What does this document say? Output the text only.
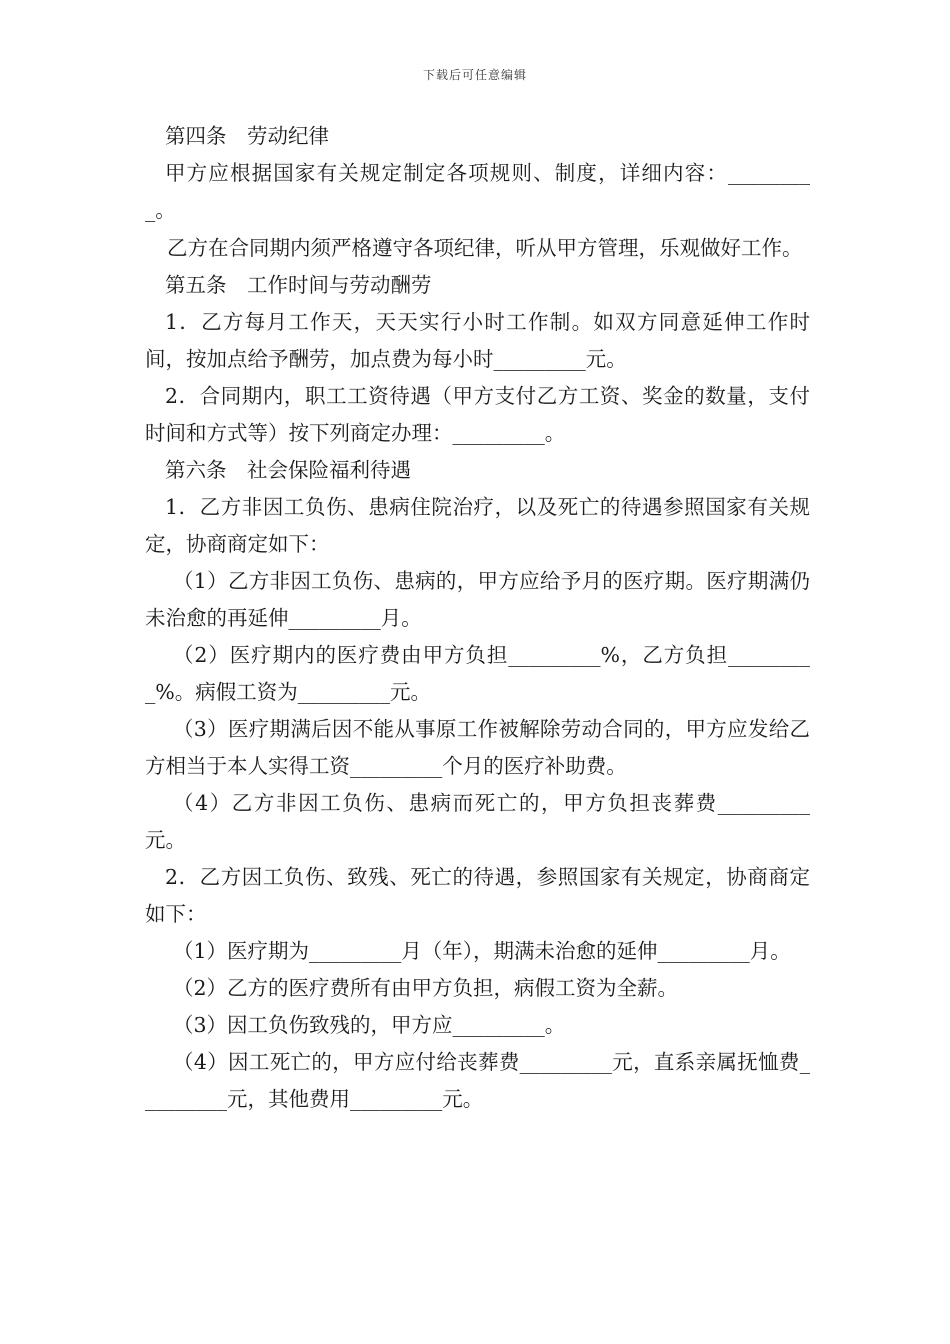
下载后可任意编辑

第四条　劳动纪律

甲方应根据国家有关规定制定各项规则、制度，详细内容：_________。

乙方在合同期内须严格遵守各项纪律，听从甲方管理，乐观做好工作。

第五条　工作时间与劳动酬劳

1．乙方每月工作天，天天实行小时工作制。如双方同意延伸工作时间，按加点给予酬劳，加点费为每小时_________元。

2．合同期内，职工工资待遇（甲方支付乙方工资、奖金的数量，支付时间和方式等）按下列商定办理：_________。

第六条　社会保险福利待遇

1．乙方非因工负伤、患病住院治疗，以及死亡的待遇参照国家有关规定，协商商定如下：

（1）乙方非因工负伤、患病的，甲方应给予月的医疗期。医疗期满仍未治愈的再延伸_________月。

（2）医疗期内的医疗费由甲方负担_________%，乙方负担_________%。病假工资为_________元。

（3）医疗期满后因不能从事原工作被解除劳动合同的，甲方应发给乙方相当于本人实得工资_________个月的医疗补助费。

（4）乙方非因工负伤、患病而死亡的，甲方负担丧葬费_________元。

2．乙方因工负伤、致残、死亡的待遇，参照国家有关规定，协商商定如下：

（1）医疗期为_________月（年），期满未治愈的延伸_________月。

（2）乙方的医疗费所有由甲方负担，病假工资为全薪。

（3）因工负伤致残的，甲方应_________。

（4）因工死亡的，甲方应付给丧葬费_________元，直系亲属抚恤费_________元，其他费用_________元。
